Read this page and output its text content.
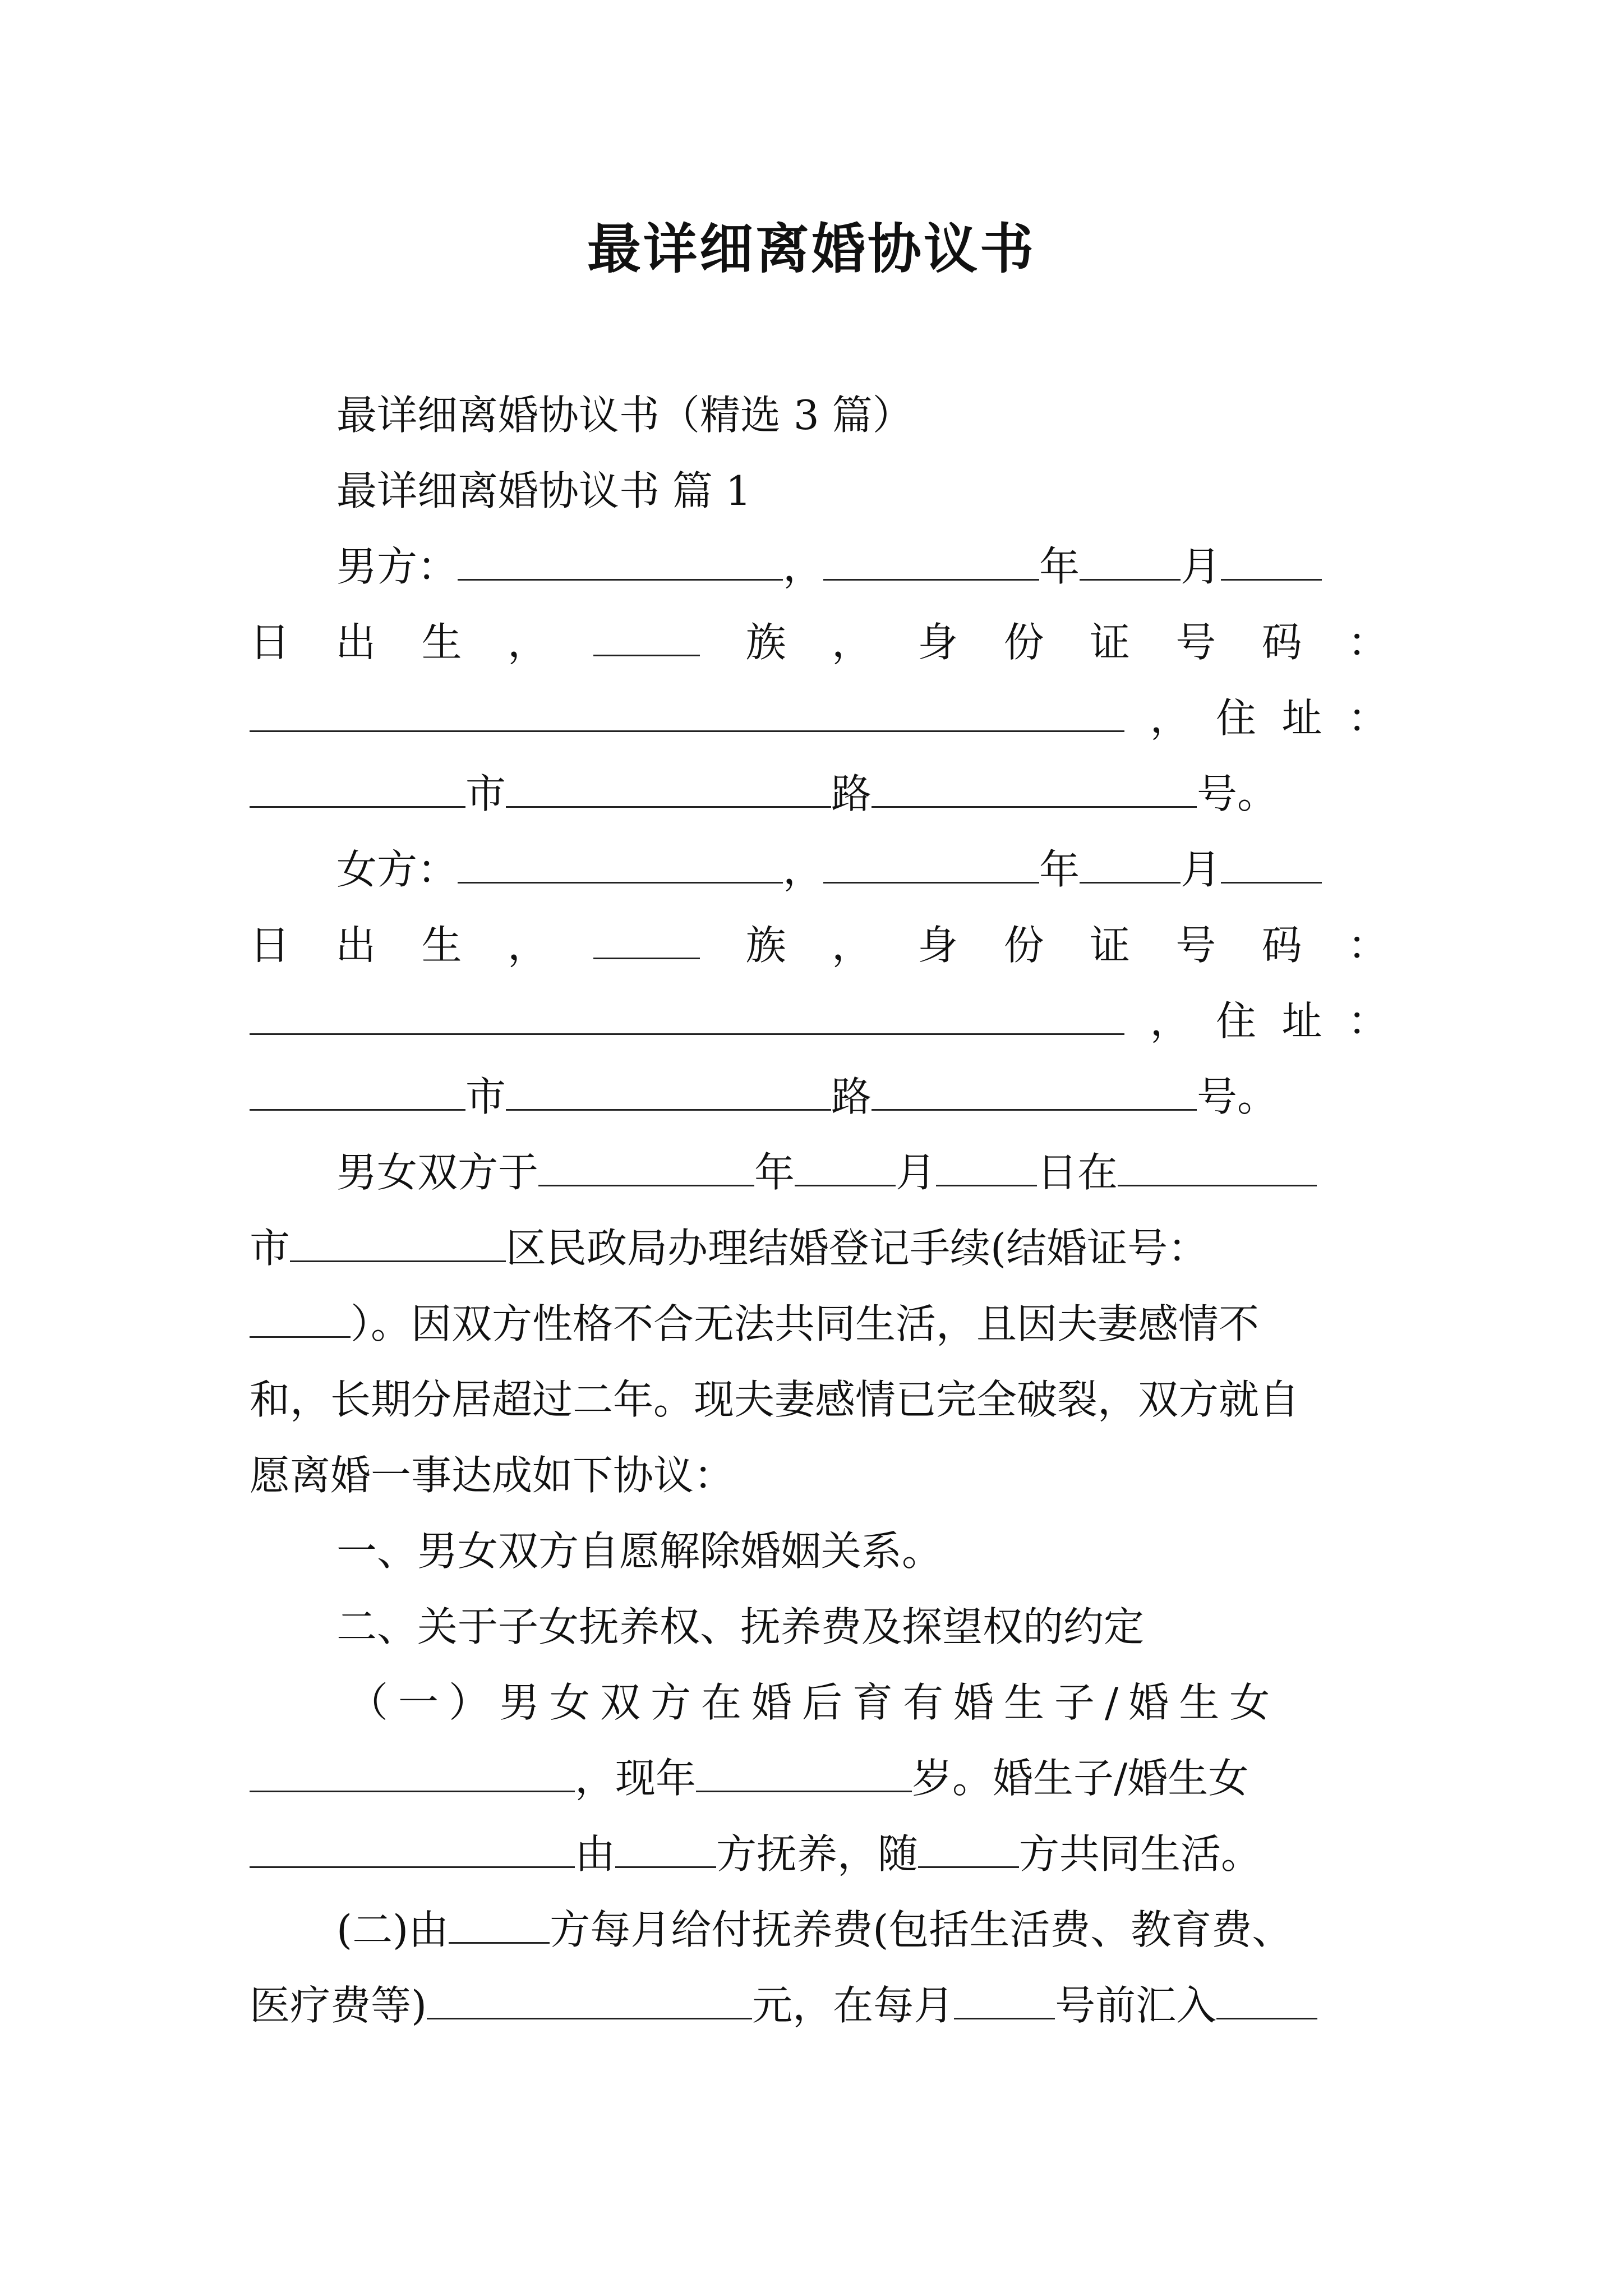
最详细离婚协议书
最详细离婚协议书（精选 3 篇）
最详细离婚协议书 篇 1
男方：	，	年	月
日 出 生 ，	族 ， 身 份 证 号 码 ：
， 住 址 ：
市	路	号。
女方：	，	年	月
日 出 生 ，	族 ， 身 份 证 号 码 ：
， 住 址 ：
市	路	号。
男女双方于	年	月	日在
市	区民政局办理结婚登记手续(结婚证号：
）。因双方性格不合无法共同生活，且因夫妻感情不
和，长期分居超过二年。现夫妻感情已完全破裂，双方就自
愿离婚一事达成如下协议：
一、男女双方自愿解除婚姻关系。
二、关于子女抚养权、抚养费及探望权的约定
（一）男女双方在婚后育有婚生子/婚生女
，现年	岁。婚生子/婚生女
由	方抚养，随	方共同生活。
(二)由	方每月给付抚养费(包括生活费、教育费、
医疗费等)	元，在每月	号前汇入
